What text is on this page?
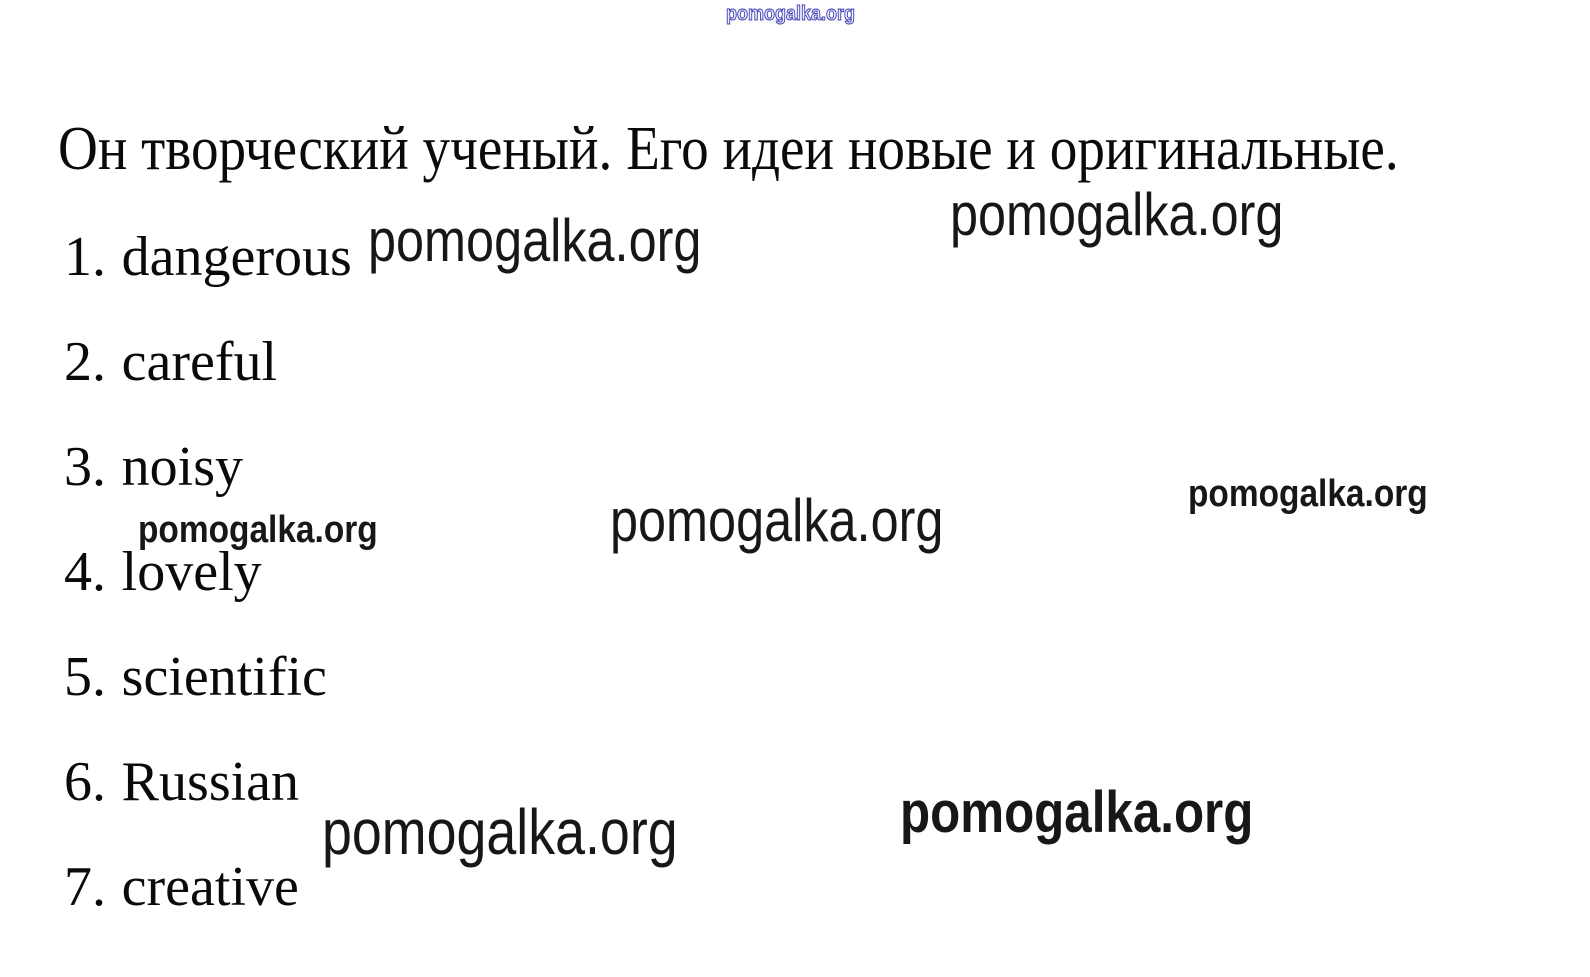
pomogalka.org
Он творческий ученый. Его идеи новые и оригинальные.
pomogalka.org	pomogalka.org
1. dangerous
2. careful
3. noisy
pomogalka.org	pomogalka.org	pomogalka.org
4. lovely
5. scientific
6. Russian
pomogalka.org	pomogalka.org
7. creative
